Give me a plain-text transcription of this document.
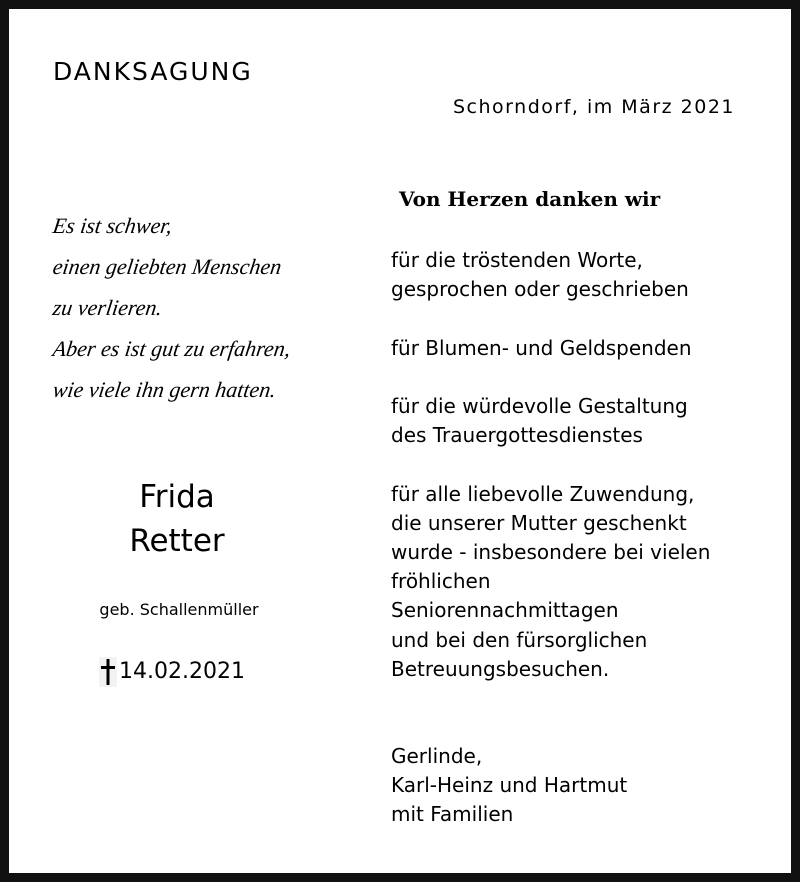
DANKSAGUNG
Schorndorf, im März 2021
Es ist schwer,
einen geliebten Menschen
zu verlieren.
Aber es ist gut zu erfahren,
wie viele ihn gern hatten.
Frida
Retter
geb. Schallenmüller
14.02.2021
Von Herzen danken wir
für die tröstenden Worte,
gesprochen oder geschrieben
für Blumen- und Geldspenden
für die würdevolle Gestaltung
des Trauergottesdienstes
für alle liebevolle Zuwendung,
die unserer Mutter geschenkt
wurde - insbesondere bei vielen
fröhlichen
Seniorennachmittagen
und bei den fürsorglichen
Betreuungsbesuchen.
Gerlinde,
Karl-Heinz und Hartmut
mit Familien
